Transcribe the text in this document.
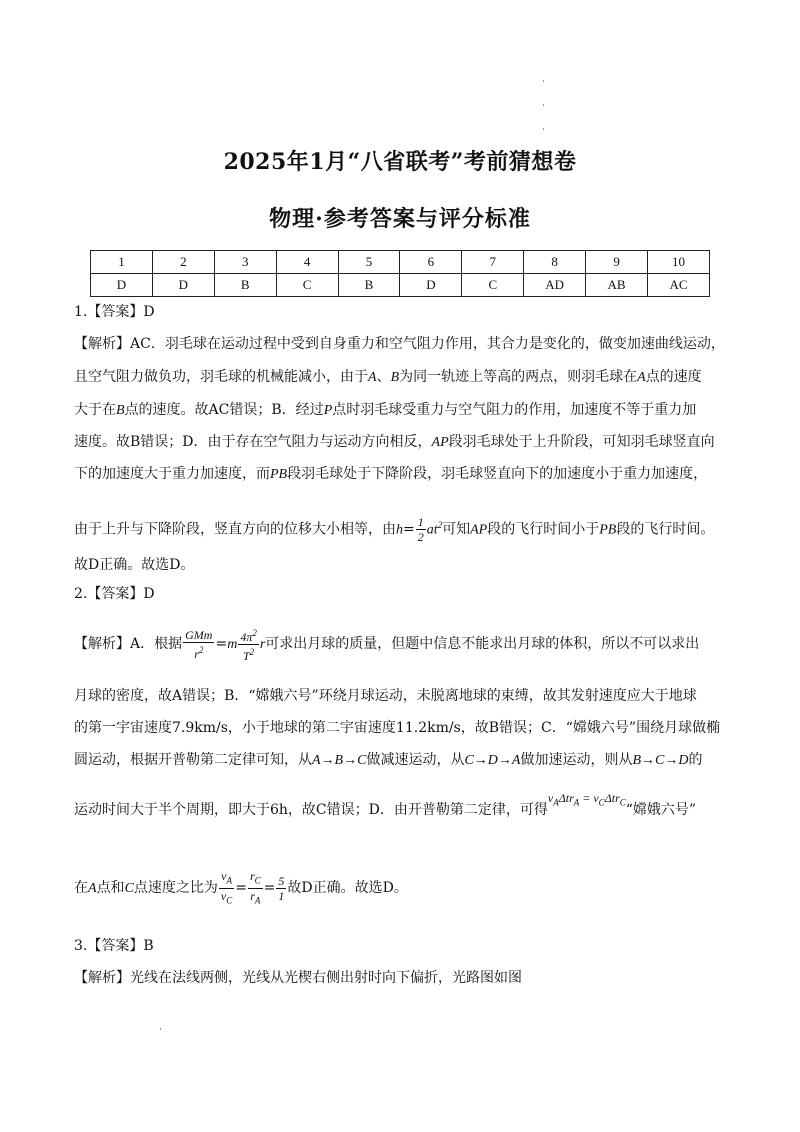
2025年1月“八省联考”考前猜想卷
物理·参考答案与评分标准
1	2	3	4	5	6	7	8	9	10
D	D	B	C	B	D	C	AD	AB	AC
1.【答案】D
【解析】AC．羽毛球在运动过程中受到自身重力和空气阻力作用，其合力是变化的，做变加速曲线运动，
且空气阻力做负功，羽毛球的机械能减小，由于A、B为同一轨迹上等高的两点，则羽毛球在A点的速度
大于在B点的速度。故AC错误；B．经过P点时羽毛球受重力与空气阻力的作用，加速度不等于重力加
速度。故B错误；D．由于存在空气阻力与运动方向相反，AP段羽毛球处于上升阶段，可知羽毛球竖直向
下的加速度大于重力加速度，而PB段羽毛球处于下降阶段，羽毛球竖直向下的加速度小于重力加速度，
由于上升与下降阶段，竖直方向的位移大小相等，由$h= \frac{1}{2} at^2$可知AP段的飞行时间小于PB段的飞行时间。
故D正确。故选D。
2.【答案】D
【解析】A．根据 $\frac{\text{GMm}}{r^2} =m \frac{4\pi^2}{T^2}$ r可求出月球的质量，但题中信息不能求出月球的体积，所以不可以求出
月球的密度，故A错误；B．“嫦娥六号”环绕月球运动，未脱离地球的束缚，故其发射速度应大于地球
的第一宇宙速度7.9km/s，小于地球的第二宇宙速度11.2km/s，故B错误；C．“嫦娥六号”围绕月球做椭
圆运动，根据开普勒第二定律可知，从A→B→C做减速运动，从C→D→A做加速运动，则从B→C→D的
运动时间大于半个周期，即大于6h，故C错误；D．由开普勒第二定律，可得$v_A\Delta tr_A$ = $v_C\Delta tr_C“$嫦娥六号”
在A点和C点速度之比为 $\frac{v_A}{v_C} = \frac{r_C}{r_A} = \frac{5}{1}$ 故D正确。故选D。
3.【答案】B
【解析】光线在法线两侧，光线从光楔右侧出射时向下偏折，光路图如图
